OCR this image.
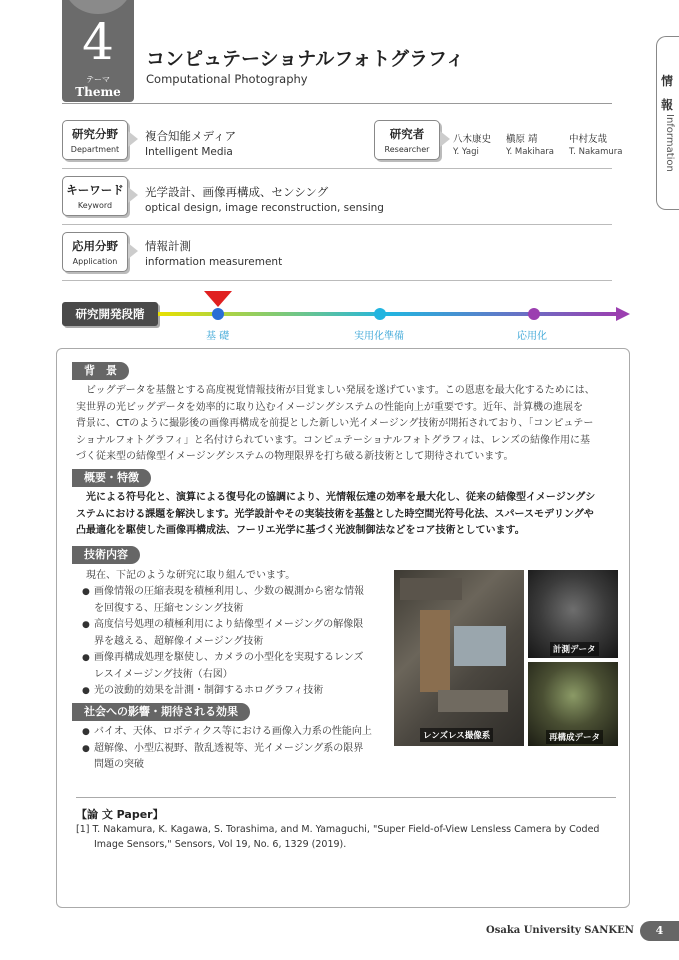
4
テーマ
Theme
コンピュテーショナルフォトグラフィ
Computational Photography	情
報
Information
研究分野
Department
複合知能メディア
Intelligent Media
研究者
Researcher
八木康史
Y. Yagi
槇原 靖
Y. Makihara
中村友哉
T. Nakamura
キーワード
Keyword
光学設計、画像再構成、センシング
optical design, image reconstruction, sensing
応用分野
Application
情報計測
information measurement
研究開発段階
基 礎	実用化準備	応用化
背　景
　ビッグデータを基盤とする高度視覚情報技術が目覚ましい発展を遂げています。この恩恵を最大化するためには、
実世界の光ビッグデータを効率的に取り込むイメージングシステムの性能向上が重要です。近年、計算機の進展を
背景に、CTのように撮影後の画像再構成を前提とした新しい光イメージング技術が開拓されており、「コンピュテー
ショナルフォトグラフィ」と名付けられています。コンピュテーショナルフォトグラフィは、レンズの結像作用に基
づく従来型の結像型イメージングシステムの物理限界を打ち破る新技術として期待されています。
概要・特徴
　光による符号化と、演算による復号化の協調により、光情報伝達の効率を最大化し、従来の結像型イメージングシ
ステムにおける課題を解決します。光学設計やその実装技術を基盤とした時空間光符号化法、スパースモデリングや
凸最適化を駆使した画像再構成法、フーリエ光学に基づく光波制御法などをコア技術としています。
技術内容
現在、下記のような研究に取り組んでいます。
● 画像情報の圧縮表現を積極利用し、少数の観測から密な情報
を回復する、圧縮センシング技術
● 高度信号処理の積極利用により結像型イメージングの解像限
界を越える、超解像イメージング技術
● 画像再構成処理を駆使し、カメラの小型化を実現するレンズ
レスイメージング技術（右図）
● 光の波動的効果を計測・制御するホログラフィ技術
社会への影響・期待される効果
● バイオ、天体、ロボティクス等における画像入力系の性能向上
● 超解像、小型広視野、散乱透視等、光イメージング系の限界
問題の突破
レンズレス撮像系
計測データ
再構成データ
【論 文 Paper】
[1] T. Nakamura, K. Kagawa, S. Torashima, and M. Yamaguchi, "Super Field-of-View Lensless Camera by Coded
Image Sensors," Sensors, Vol 19, No. 6, 1329 (2019).
Osaka University SANKEN	4
